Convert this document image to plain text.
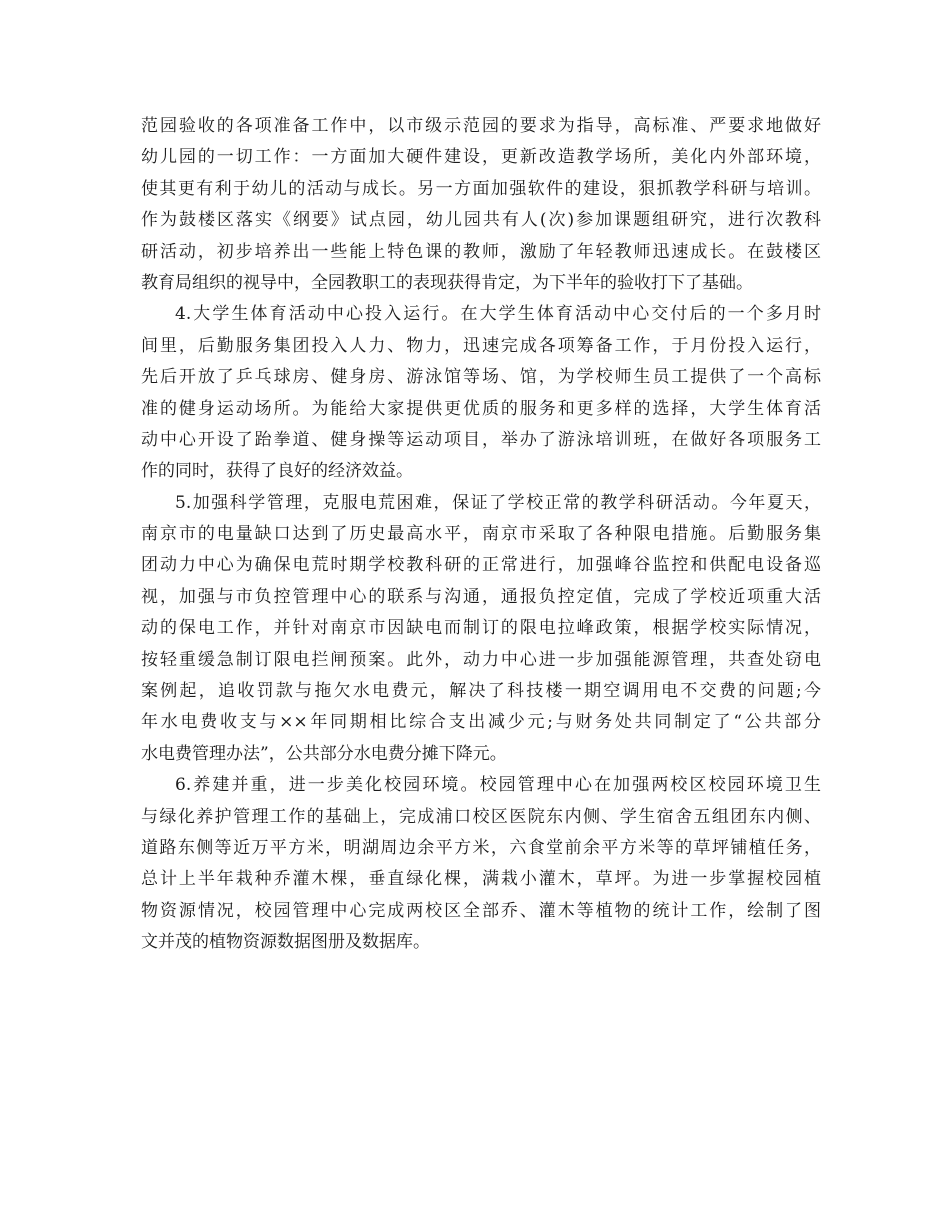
范园验收的各项准备工作中，以市级示范园的要求为指导，高标准、严要求地做好
幼儿园的一切工作：一方面加大硬件建设，更新改造教学场所，美化内外部环境，
使其更有利于幼儿的活动与成长。另一方面加强软件的建设，狠抓教学科研与培训。
作为鼓楼区落实《纲要》试点园，幼儿园共有人(次)参加课题组研究，进行次教科
研活动，初步培养出一些能上特色课的教师，激励了年轻教师迅速成长。在鼓楼区
教育局组织的视导中，全园教职工的表现获得肯定，为下半年的验收打下了基础。
4.大学生体育活动中心投入运行。在大学生体育活动中心交付后的一个多月时
间里，后勤服务集团投入人力、物力，迅速完成各项筹备工作，于月份投入运行，
先后开放了乒乓球房、健身房、游泳馆等场、馆，为学校师生员工提供了一个高标
准的健身运动场所。为能给大家提供更优质的服务和更多样的选择，大学生体育活
动中心开设了跆拳道、健身操等运动项目，举办了游泳培训班，在做好各项服务工
作的同时，获得了良好的经济效益。
5.加强科学管理，克服电荒困难，保证了学校正常的教学科研活动。今年夏天，
南京市的电量缺口达到了历史最高水平，南京市采取了各种限电措施。后勤服务集
团动力中心为确保电荒时期学校教科研的正常进行，加强峰谷监控和供配电设备巡
视，加强与市负控管理中心的联系与沟通，通报负控定值，完成了学校近项重大活
动的保电工作，并针对南京市因缺电而制订的限电拉峰政策，根据学校实际情况，
按轻重缓急制订限电拦闸预案。此外，动力中心进一步加强能源管理，共查处窃电
案例起，追收罚款与拖欠水电费元，解决了科技楼一期空调用电不交费的问题;今
年水电费收支与××年同期相比综合支出减少元;与财务处共同制定了“公共部分
水电费管理办法”，公共部分水电费分摊下降元。
6.养建并重，进一步美化校园环境。校园管理中心在加强两校区校园环境卫生
与绿化养护管理工作的基础上，完成浦口校区医院东内侧、学生宿舍五组团东内侧、
道路东侧等近万平方米，明湖周边余平方米，六食堂前余平方米等的草坪铺植任务，
总计上半年栽种乔灌木棵，垂直绿化棵，满栽小灌木，草坪。为进一步掌握校园植
物资源情况，校园管理中心完成两校区全部乔、灌木等植物的统计工作，绘制了图
文并茂的植物资源数据图册及数据库。
